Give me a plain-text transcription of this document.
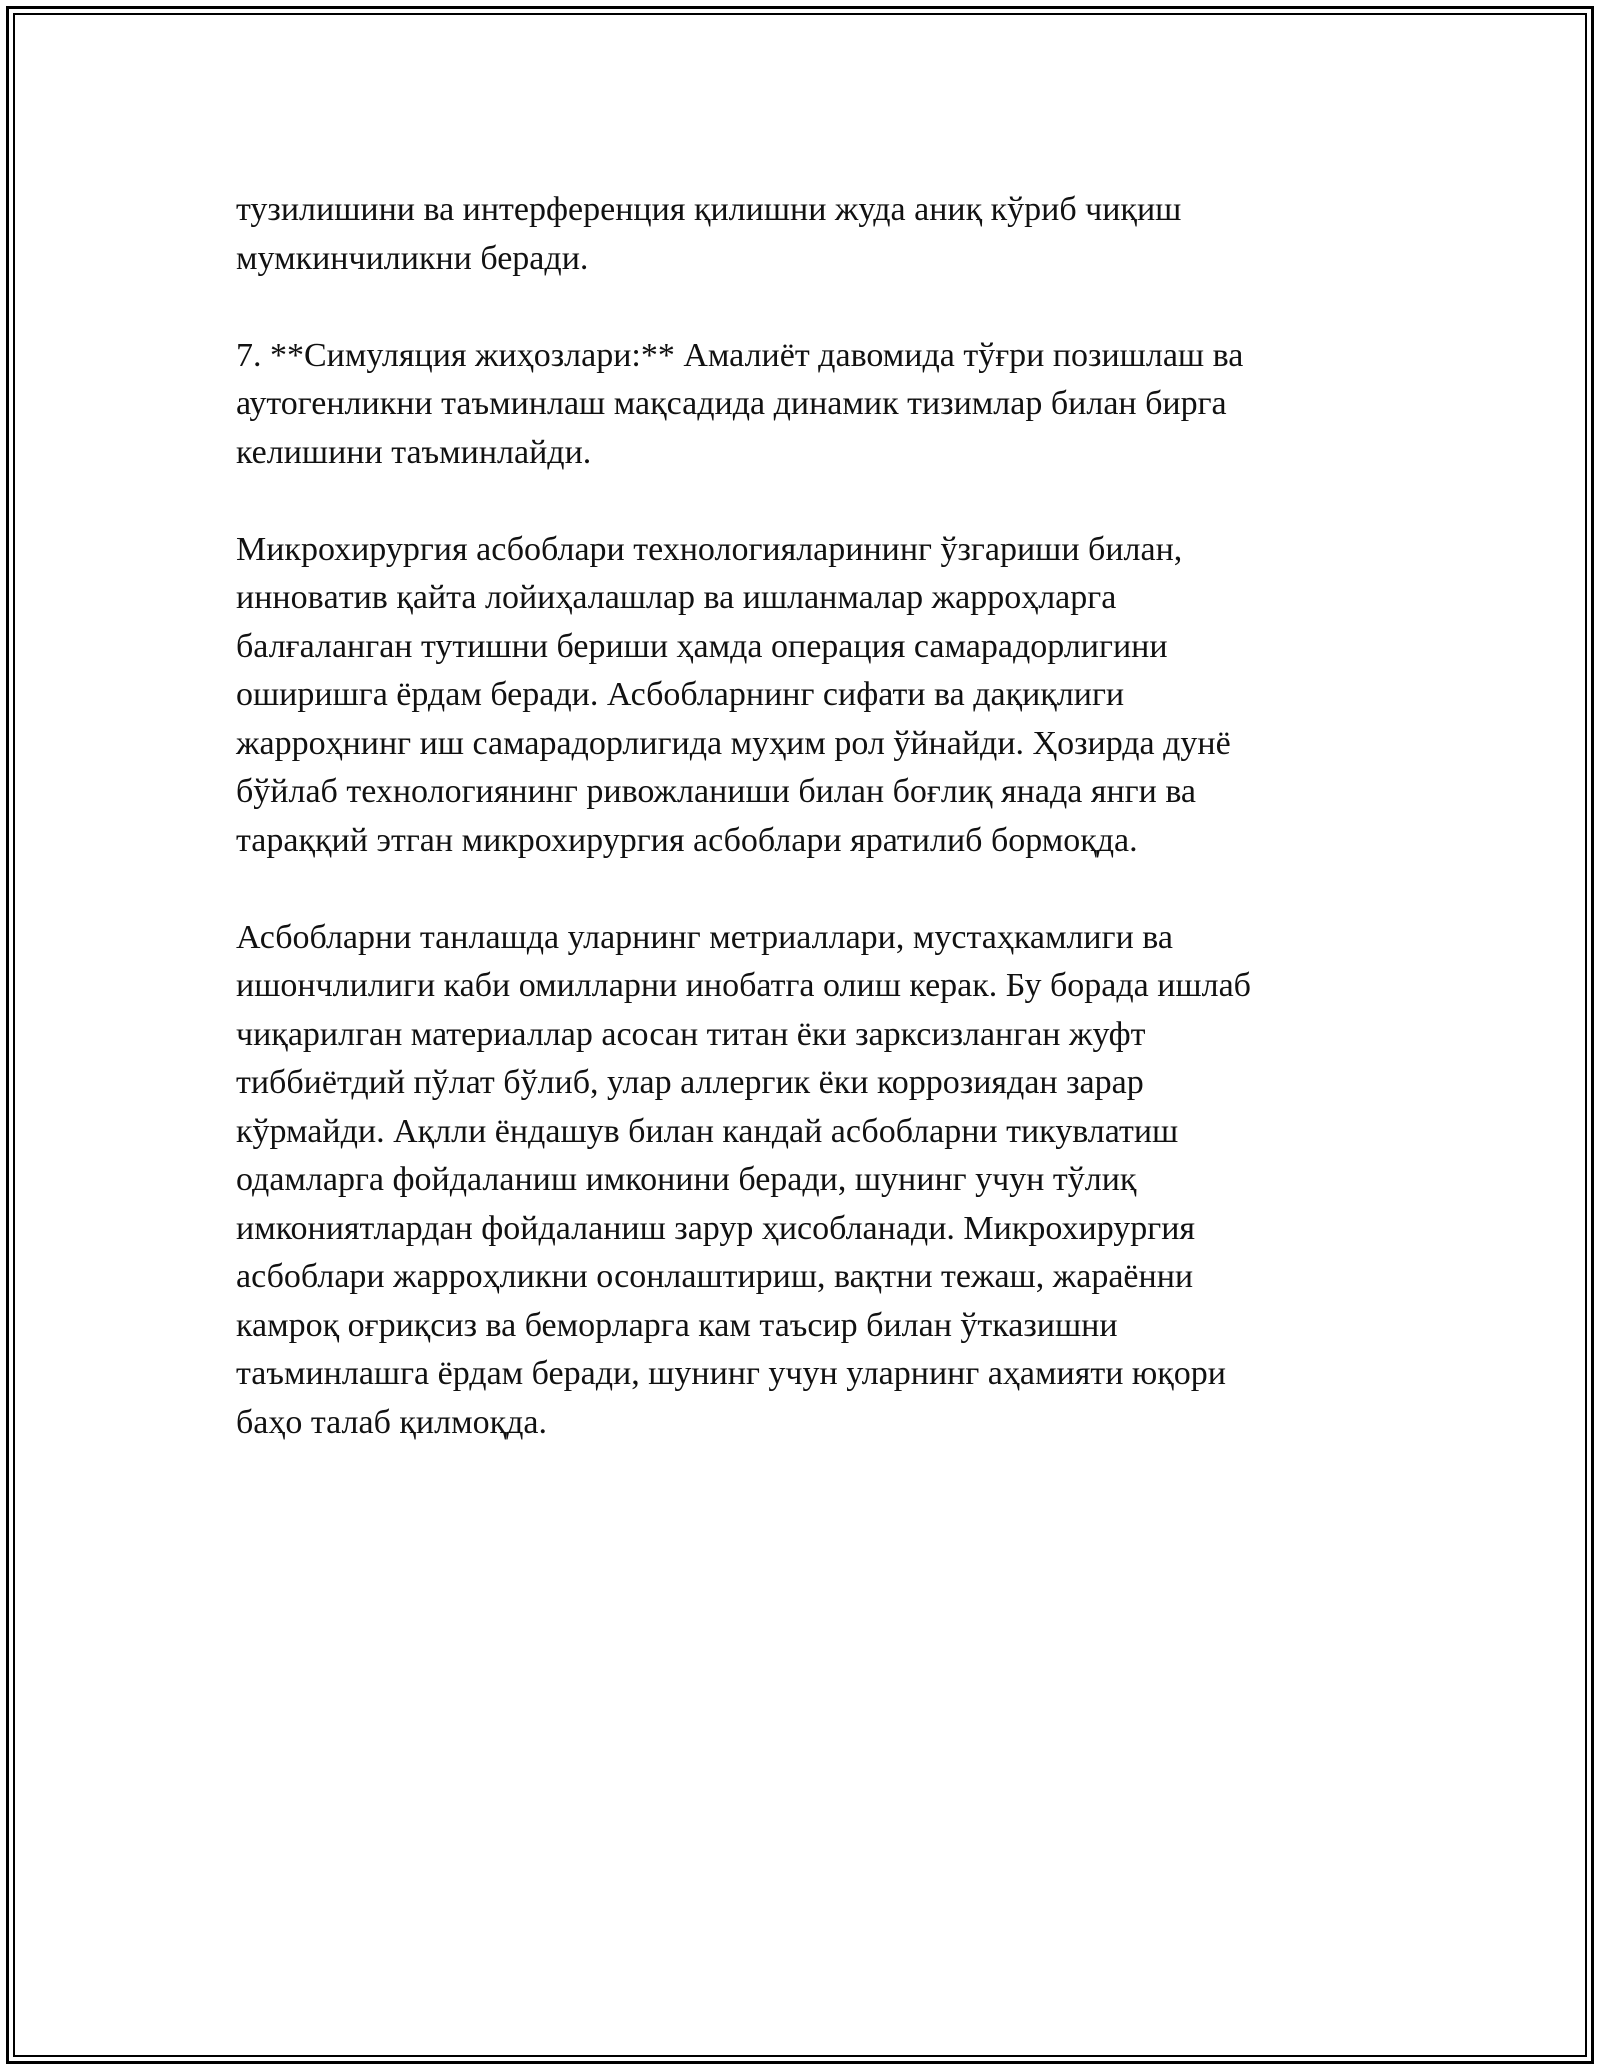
тузилишини ва интерференция қилишни жуда аниқ кўриб чиқиш
мумкинчиликни беради.

7. **Симуляция жиҳозлари:** Амалиёт давомида тўғри позишлаш ва
аутогенликни таъминлаш мақсадида динамик тизимлар билан бирга
келишини таъминлайди.

Микрохирургия асбоблари технологияларининг ўзгариши билан,
инновaтив қайта лойиҳалашлар ва ишланмалар жарроҳларга
балғаланган тутишни бериши ҳамда операция самарадорлигини
оширишга ёрдам беради. Асбобларнинг сифати ва дақиқлиги
жарроҳнинг иш самарадорлигида муҳим рол ўйнайди. Ҳозирда дунё
бўйлаб технологиянинг ривожланиши билан боғлиқ янада янги ва
тараққий этган микрохирургия асбоблари яратилиб бормоқда.

Асбобларни танлашда уларнинг метриаллари, мустаҳкамлиги ва
ишончлилиги каби омилларни инобатга олиш керак. Бу борада ишлаб
чиқарилган материаллар асосан титан ёки зарксизланган жуфт
тиббиётдий пўлат бўлиб, улар аллергик ёки коррозиядан зарар
кўрмайди. Ақлли ёндашув билан кандай асбобларни тикувлатиш
одамларга фойдаланиш имконини беради, шунинг учун тўлиқ
имкониятлардан фойдаланиш зарур ҳисобланади. Микрохирургия
асбоблари жарроҳликни осонлаштириш, вақтни тежаш, жараённи
камроқ оғриқсиз ва беморларга кам таъсир билан ўтказишни
таъминлашга ёрдам беради, шунинг учун уларнинг аҳамияти юқори
баҳо талаб қилмоқда.
